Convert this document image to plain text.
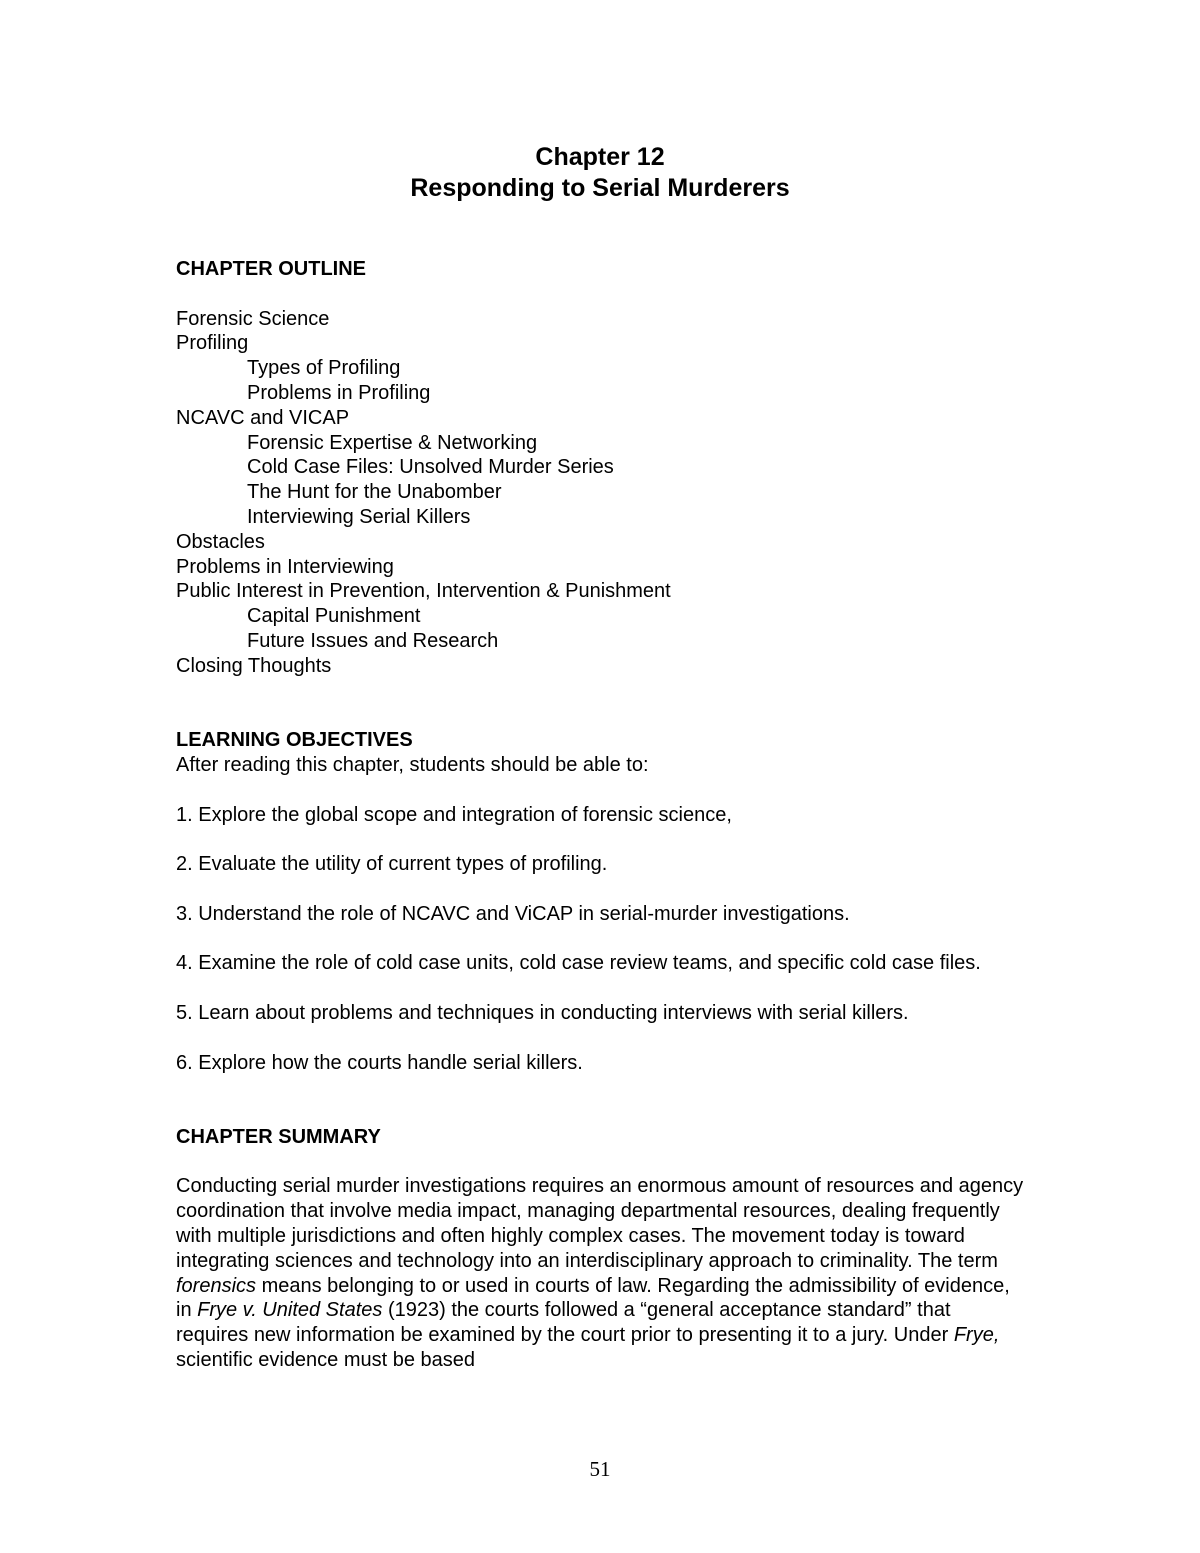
Chapter 12
Responding to Serial Murderers

CHAPTER OUTLINE

Forensic Science
Profiling
Types of Profiling
Problems in Profiling
NCAVC and VICAP
Forensic Expertise & Networking
Cold Case Files: Unsolved Murder Series
The Hunt for the Unabomber
Interviewing Serial Killers
Obstacles
Problems in Interviewing
Public Interest in Prevention, Intervention & Punishment
Capital Punishment
Future Issues and Research
Closing Thoughts

LEARNING OBJECTIVES

After reading this chapter, students should be able to:

1. Explore the global scope and integration of forensic science,

2. Evaluate the utility of current types of profiling.

3. Understand the role of NCAVC and ViCAP in serial-murder investigations.

4. Examine the role of cold case units, cold case review teams, and specific cold case files.

5. Learn about problems and techniques in conducting interviews with serial killers.

6. Explore how the courts handle serial killers.

CHAPTER SUMMARY

Conducting serial murder investigations requires an enormous amount of resources and agency coordination that involve media impact, managing departmental resources, dealing frequently with multiple jurisdictions and often highly complex cases. The movement today is toward integrating sciences and technology into an interdisciplinary approach to criminality. The term forensics means belonging to or used in courts of law. Regarding the admissibility of evidence, in Frye v. United States (1923) the courts followed a “general acceptance standard” that requires new information be examined by the court prior to presenting it to a jury. Under Frye, scientific evidence must be based

51
